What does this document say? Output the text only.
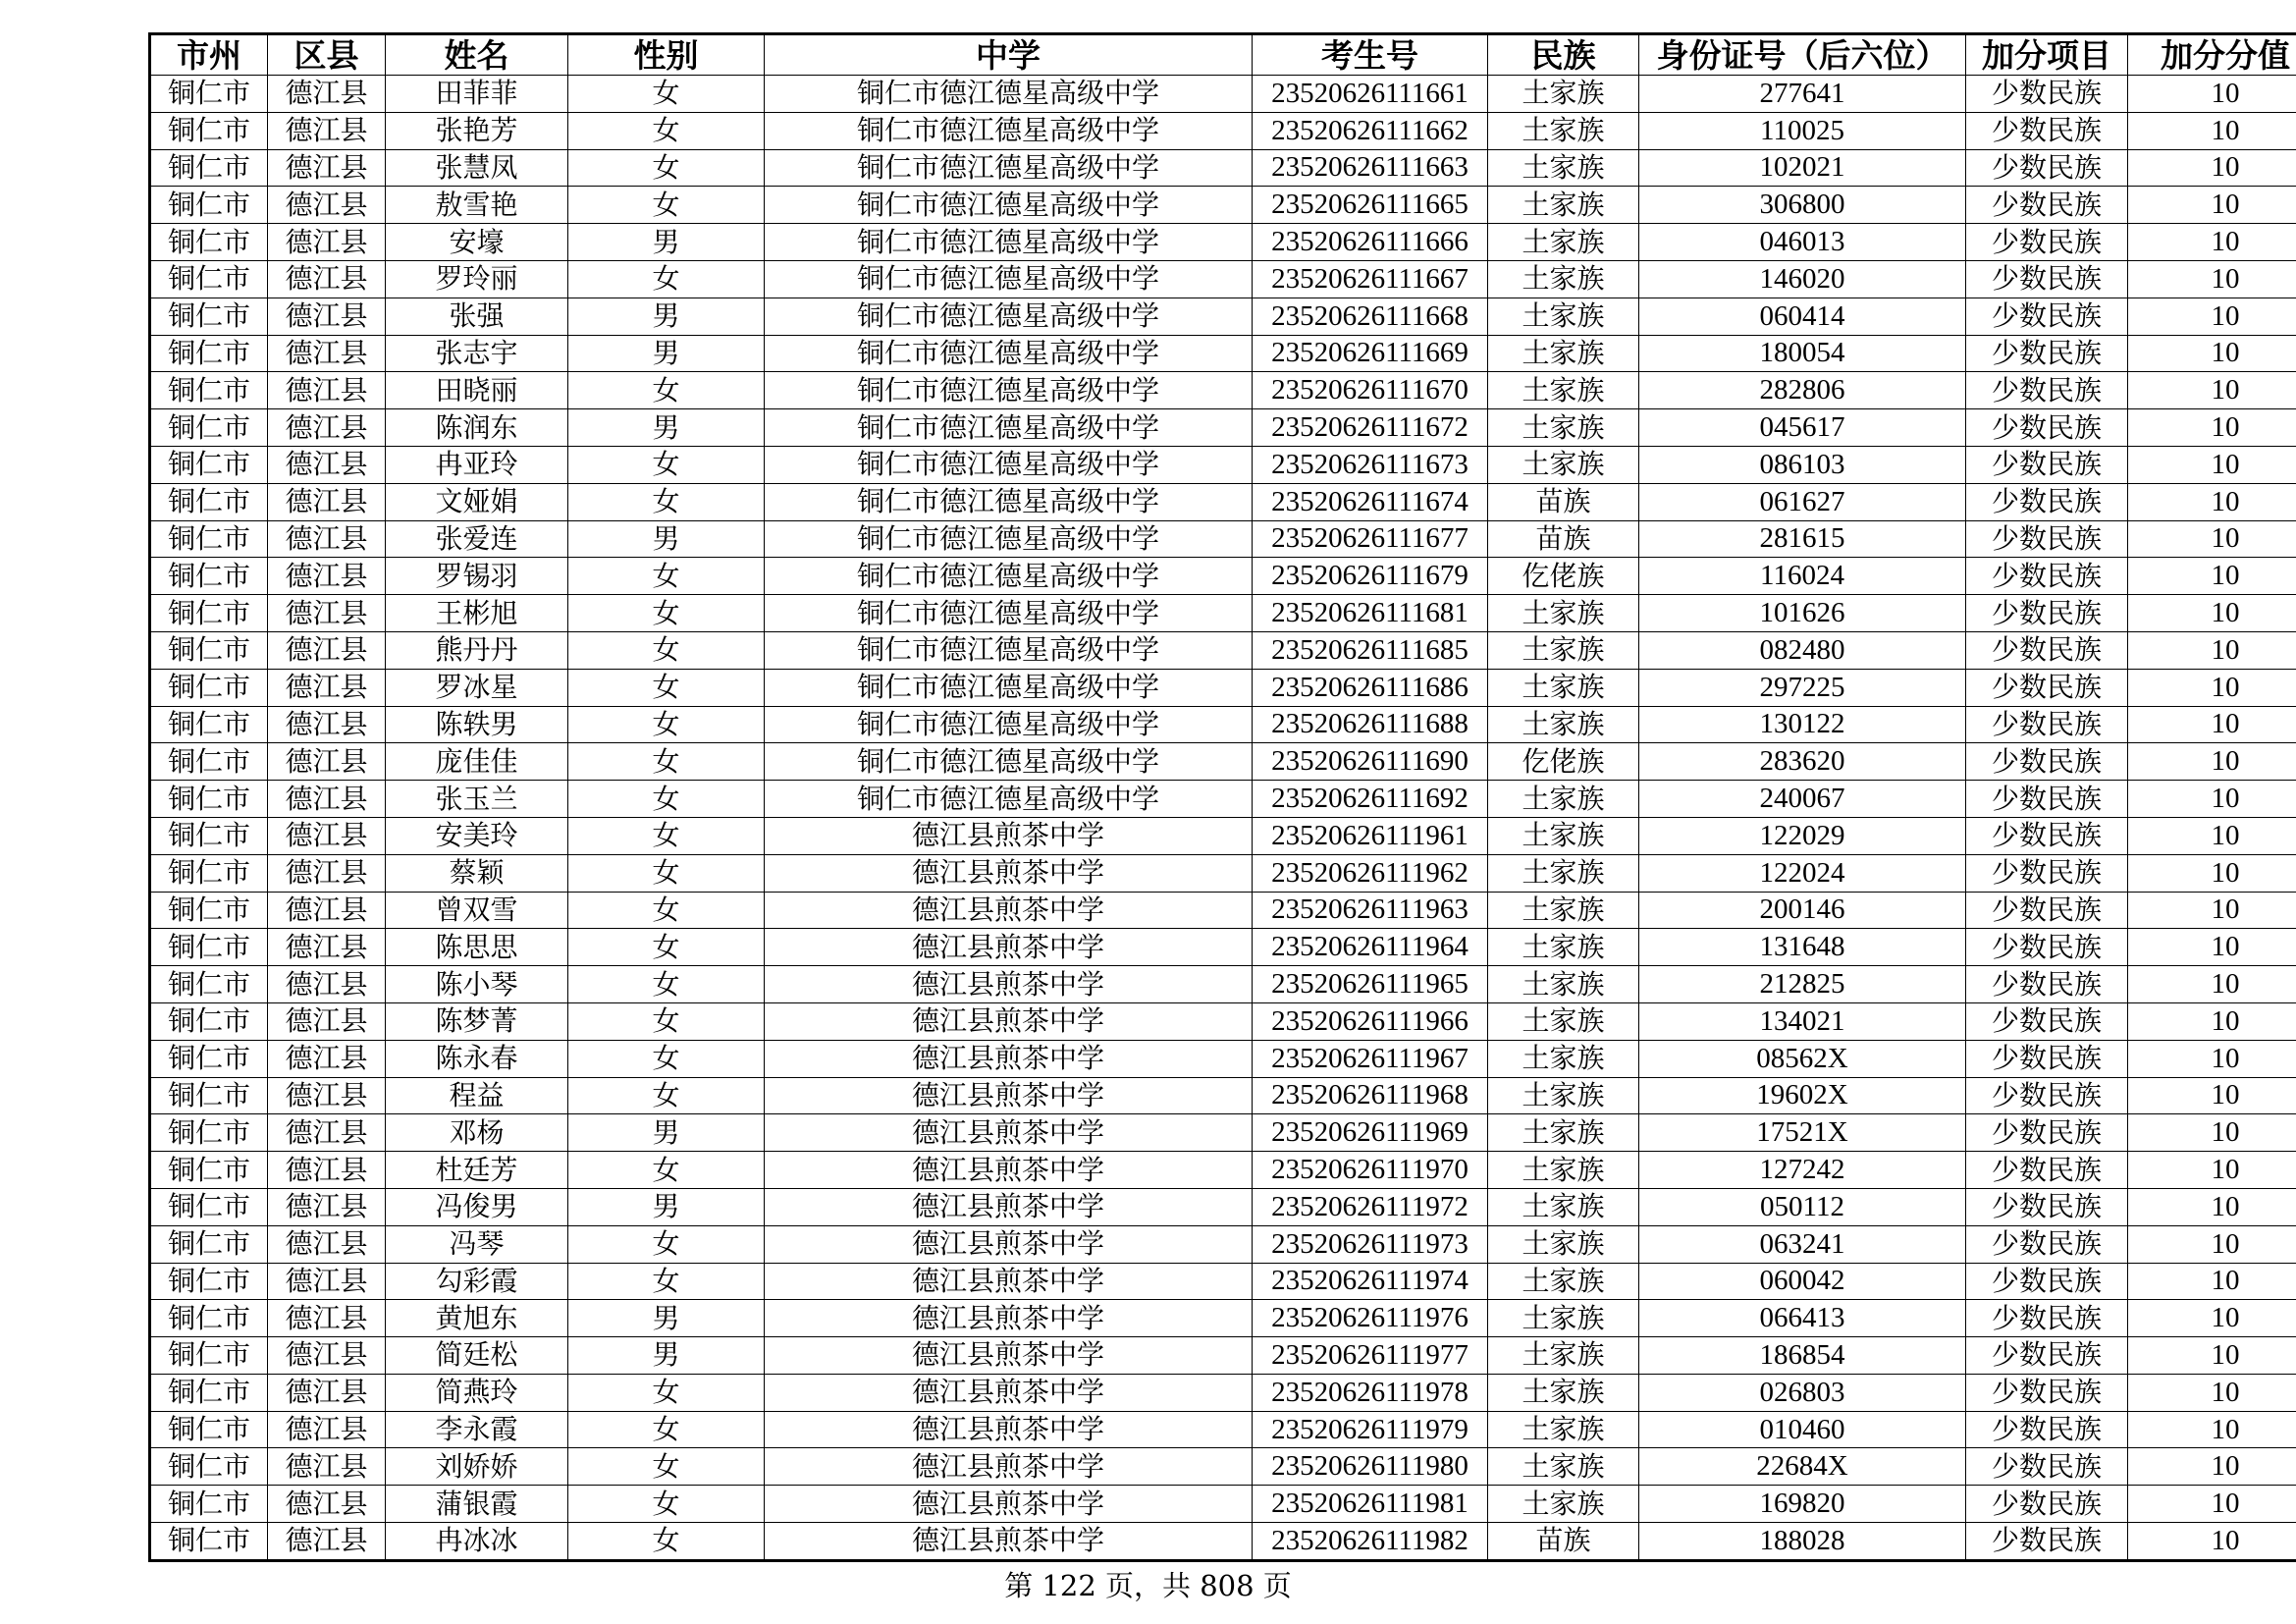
市州	区县	姓名	性别	中学	考生号	民族	身份证号（后六位）	加分项目	加分分值
铜仁市	德江县	田菲菲	女	铜仁市德江德星高级中学	23520626111661	土家族	277641	少数民族	10
铜仁市	德江县	张艳芳	女	铜仁市德江德星高级中学	23520626111662	土家族	110025	少数民族	10
铜仁市	德江县	张慧凤	女	铜仁市德江德星高级中学	23520626111663	土家族	102021	少数民族	10
铜仁市	德江县	敖雪艳	女	铜仁市德江德星高级中学	23520626111665	土家族	306800	少数民族	10
铜仁市	德江县	安壕	男	铜仁市德江德星高级中学	23520626111666	土家族	046013	少数民族	10
铜仁市	德江县	罗玲丽	女	铜仁市德江德星高级中学	23520626111667	土家族	146020	少数民族	10
铜仁市	德江县	张强	男	铜仁市德江德星高级中学	23520626111668	土家族	060414	少数民族	10
铜仁市	德江县	张志宇	男	铜仁市德江德星高级中学	23520626111669	土家族	180054	少数民族	10
铜仁市	德江县	田晓丽	女	铜仁市德江德星高级中学	23520626111670	土家族	282806	少数民族	10
铜仁市	德江县	陈润东	男	铜仁市德江德星高级中学	23520626111672	土家族	045617	少数民族	10
铜仁市	德江县	冉亚玲	女	铜仁市德江德星高级中学	23520626111673	土家族	086103	少数民族	10
铜仁市	德江县	文娅娟	女	铜仁市德江德星高级中学	23520626111674	苗族	061627	少数民族	10
铜仁市	德江县	张爱连	男	铜仁市德江德星高级中学	23520626111677	苗族	281615	少数民族	10
铜仁市	德江县	罗锡羽	女	铜仁市德江德星高级中学	23520626111679	仡佬族	116024	少数民族	10
铜仁市	德江县	王彬旭	女	铜仁市德江德星高级中学	23520626111681	土家族	101626	少数民族	10
铜仁市	德江县	熊丹丹	女	铜仁市德江德星高级中学	23520626111685	土家族	082480	少数民族	10
铜仁市	德江县	罗冰星	女	铜仁市德江德星高级中学	23520626111686	土家族	297225	少数民族	10
铜仁市	德江县	陈轶男	女	铜仁市德江德星高级中学	23520626111688	土家族	130122	少数民族	10
铜仁市	德江县	庞佳佳	女	铜仁市德江德星高级中学	23520626111690	仡佬族	283620	少数民族	10
铜仁市	德江县	张玉兰	女	铜仁市德江德星高级中学	23520626111692	土家族	240067	少数民族	10
铜仁市	德江县	安美玲	女	德江县煎茶中学	23520626111961	土家族	122029	少数民族	10
铜仁市	德江县	蔡颖	女	德江县煎茶中学	23520626111962	土家族	122024	少数民族	10
铜仁市	德江县	曾双雪	女	德江县煎茶中学	23520626111963	土家族	200146	少数民族	10
铜仁市	德江县	陈思思	女	德江县煎茶中学	23520626111964	土家族	131648	少数民族	10
铜仁市	德江县	陈小琴	女	德江县煎茶中学	23520626111965	土家族	212825	少数民族	10
铜仁市	德江县	陈梦菁	女	德江县煎茶中学	23520626111966	土家族	134021	少数民族	10
铜仁市	德江县	陈永春	女	德江县煎茶中学	23520626111967	土家族	08562X	少数民族	10
铜仁市	德江县	程益	女	德江县煎茶中学	23520626111968	土家族	19602X	少数民族	10
铜仁市	德江县	邓杨	男	德江县煎茶中学	23520626111969	土家族	17521X	少数民族	10
铜仁市	德江县	杜廷芳	女	德江县煎茶中学	23520626111970	土家族	127242	少数民族	10
铜仁市	德江县	冯俊男	男	德江县煎茶中学	23520626111972	土家族	050112	少数民族	10
铜仁市	德江县	冯琴	女	德江县煎茶中学	23520626111973	土家族	063241	少数民族	10
铜仁市	德江县	勾彩霞	女	德江县煎茶中学	23520626111974	土家族	060042	少数民族	10
铜仁市	德江县	黄旭东	男	德江县煎茶中学	23520626111976	土家族	066413	少数民族	10
铜仁市	德江县	简廷松	男	德江县煎茶中学	23520626111977	土家族	186854	少数民族	10
铜仁市	德江县	简燕玲	女	德江县煎茶中学	23520626111978	土家族	026803	少数民族	10
铜仁市	德江县	李永霞	女	德江县煎茶中学	23520626111979	土家族	010460	少数民族	10
铜仁市	德江县	刘娇娇	女	德江县煎茶中学	23520626111980	土家族	22684X	少数民族	10
铜仁市	德江县	蒲银霞	女	德江县煎茶中学	23520626111981	土家族	169820	少数民族	10
铜仁市	德江县	冉冰冰	女	德江县煎茶中学	23520626111982	苗族	188028	少数民族	10
第 122 页，共 808 页
